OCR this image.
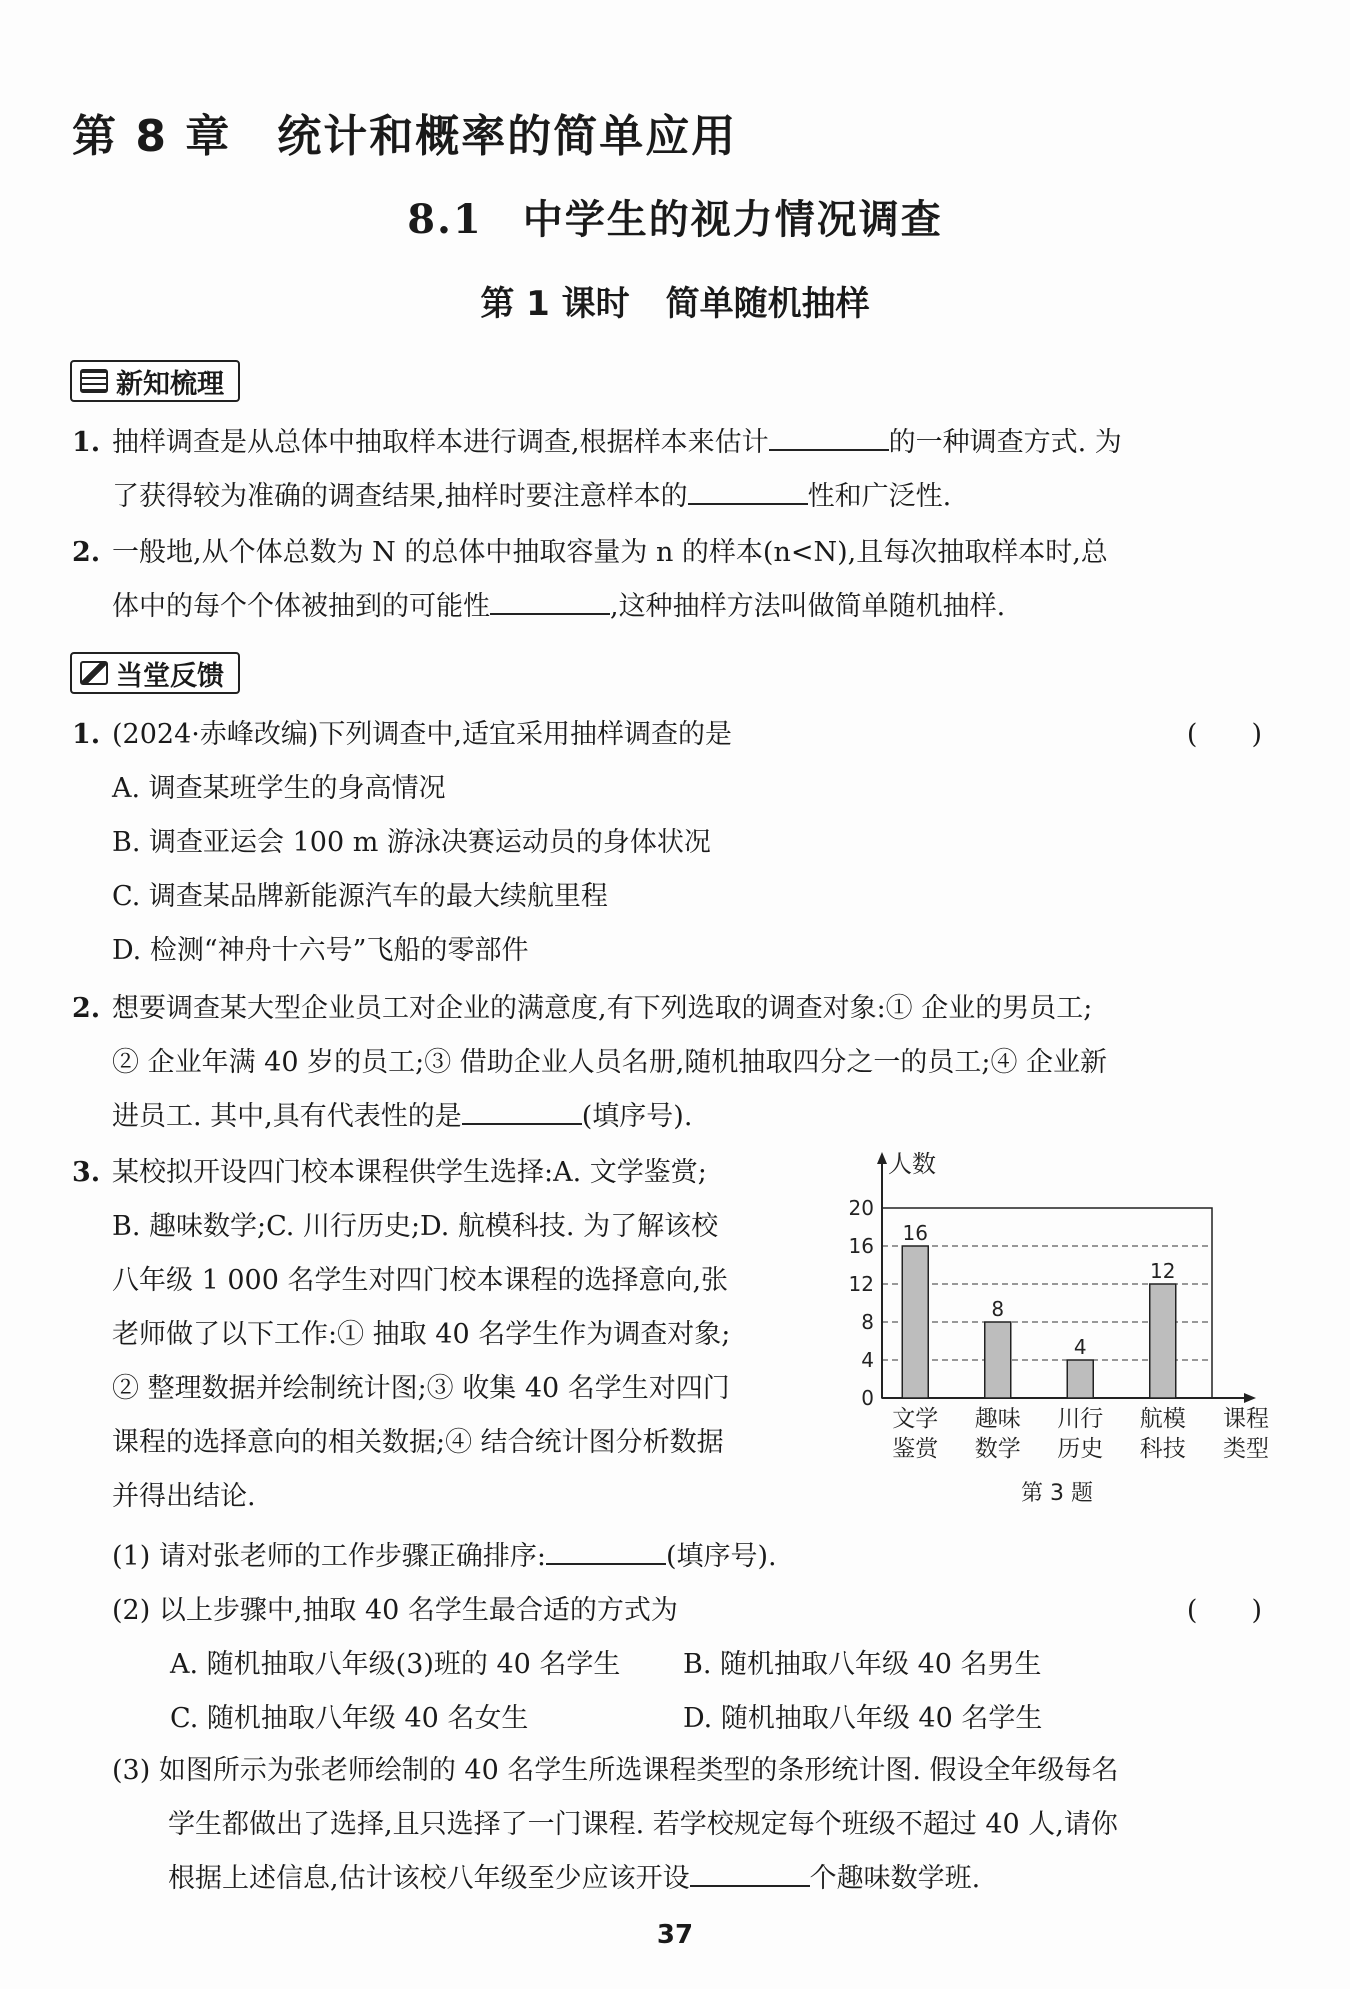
第 8 章 统计和概率的简单应用
8.1 中学生的视力情况调查
第 1 课时 简单随机抽样
新知梳理
1. 抽样调查是从总体中抽取样本进行调查,根据样本来估计	的一种调查方式. 为
了获得较为准确的调查结果,抽样时要注意样本的	性和广泛性.
2. 一般地,从个体总数为 N 的总体中抽取容量为 n 的样本(n<N),且每次抽取样本时,总
体中的每个个体被抽到的可能性	,这种抽样方法叫做简单随机抽样.
当堂反馈
1. (2024·赤峰改编)下列调查中,适宜采用抽样调查的是	(　　)
A. 调查某班学生的身高情况
B. 调查亚运会 100 m 游泳决赛运动员的身体状况
C. 调查某品牌新能源汽车的最大续航里程
D. 检测“神舟十六号”飞船的零部件
2. 想要调查某大型企业员工对企业的满意度,有下列选取的调查对象:① 企业的男员工;
② 企业年满 40 岁的员工;③ 借助企业人员名册,随机抽取四分之一的员工;④ 企业新
进员工. 其中,具有代表性的是	(填序号).
3. 某校拟开设四门校本课程供学生选择:A. 文学鉴赏;
B. 趣味数学;C. 川行历史;D. 航模科技. 为了解该校
八年级 1 000 名学生对四门校本课程的选择意向,张
老师做了以下工作:① 抽取 40 名学生作为调查对象;
② 整理数据并绘制统计图;③ 收集 40 名学生对四门
课程的选择意向的相关数据;④ 结合统计图分析数据
并得出结论.
0
4
8
12
16
20
人数
16
文学
鉴赏
8
趣味
数学
4
川行
历史
12
航模
科技
课程
类型
第 3 题
(1) 请对张老师的工作步骤正确排序:	(填序号).
(2) 以上步骤中,抽取 40 名学生最合适的方式为	(　　)
A. 随机抽取八年级(3)班的 40 名学生 B. 随机抽取八年级 40 名男生
C. 随机抽取八年级 40 名女生	D. 随机抽取八年级 40 名学生
(3) 如图所示为张老师绘制的 40 名学生所选课程类型的条形统计图. 假设全年级每名
学生都做出了选择,且只选择了一门课程. 若学校规定每个班级不超过 40 人,请你
根据上述信息,估计该校八年级至少应该开设	个趣味数学班.
37
